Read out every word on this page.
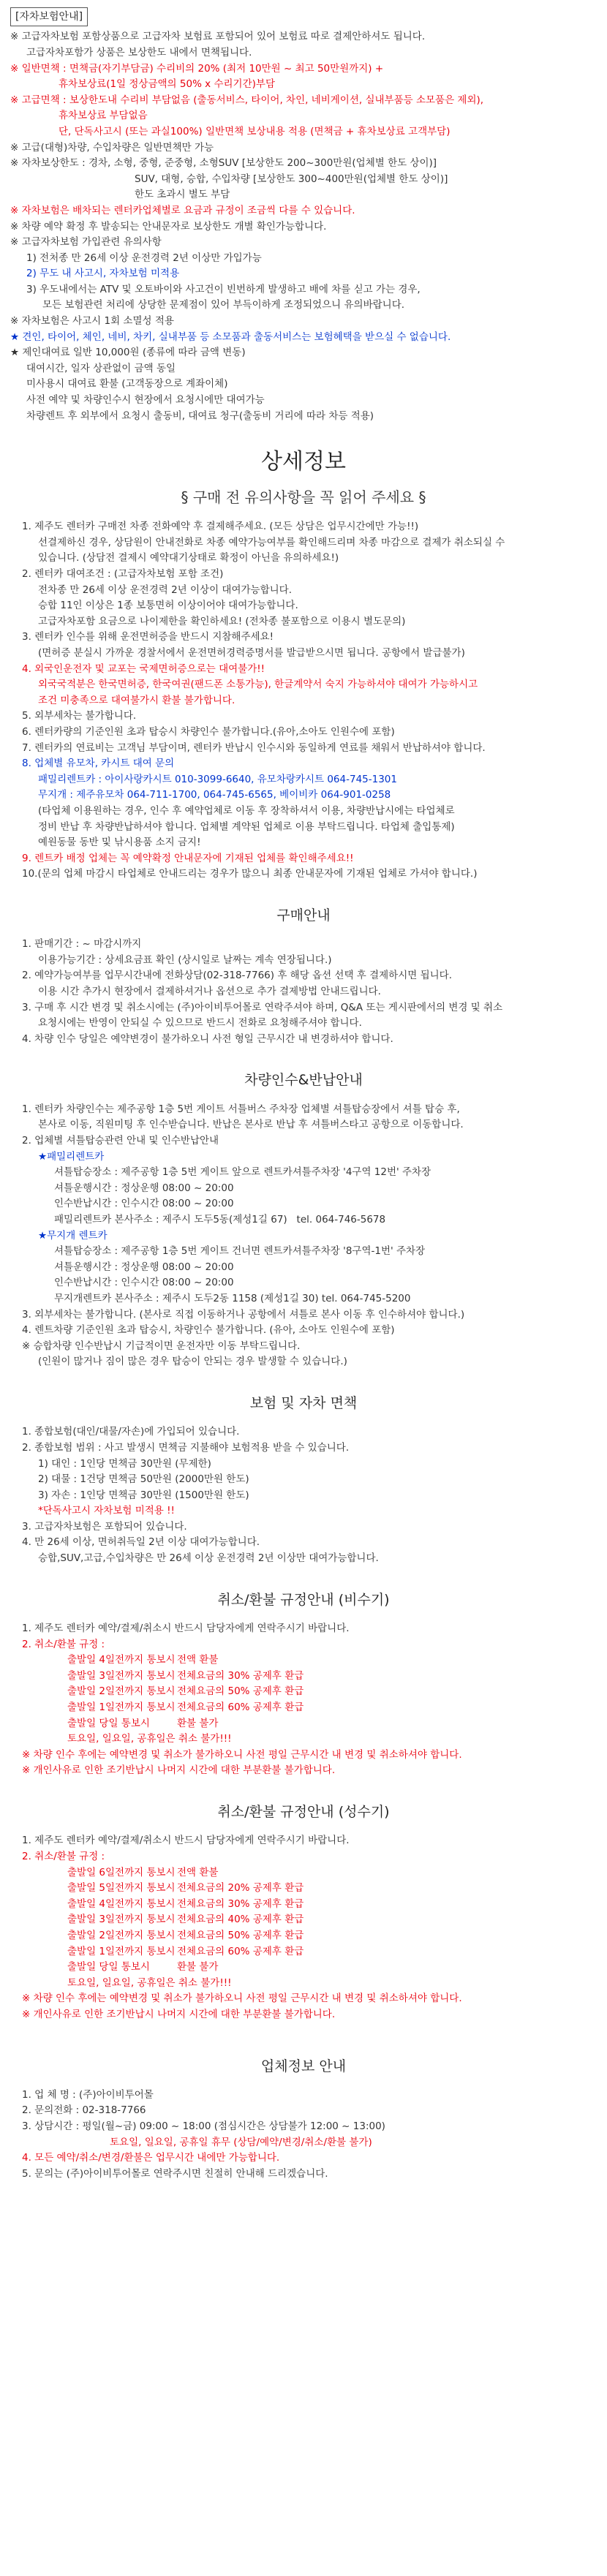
[자차보험안내]
※ 고급자차보험 포함상품으로 고급자차 보험료 포함되어 있어 보험료 따로 결제안하셔도 됩니다.
고급자차포함가 상품은 보상한도 내에서 면책됩니다.
※ 일반면책 : 면책금(자기부담금) 수리비의 20% (최저 10만원 ~ 최고 50만원까지) +
휴차보상료(1일 정상금액의 50% x 수리기간)부담
※ 고급면책 : 보상한도내 수리비 부담없음 (출동서비스, 타이어, 차인, 네비게이션, 실내부품등 소모품은 제외),
휴차보상료 부담없음
단, 단독사고시 (또는 과실100%) 일반면책 보상내용 적용 (면책금 + 휴차보상료 고객부담)
※ 고급(대형)차량, 수입차량은 일반면책만 가능
※ 자차보상한도 : 경차, 소형, 중형, 준중형, 소형SUV [보상한도 200~300만원(업체별 한도 상이)]
SUV, 대형, 승합, 수입차량 [보상한도 300~400만원(업체별 한도 상이)]
한도 초과시 별도 부담
※ 자차보험은 배차되는 렌터카업체별로 요금과 규정이 조금씩 다를 수 있습니다.
※ 차량 예약 확정 후 발송되는 안내문자로 보상한도 개별 확인가능합니다.
※ 고급자차보험 가입관련 유의사항
1) 전처종 만 26세 이상 운전경력 2년 이상만 가입가능
2) 무도 내 사고시, 자차보험 미적용
3) 우도내에서는 ATV 및 오토바이와 사고건이 빈번하게 발생하고 배에 차를 싣고 가는 경우,
모든 보험관련 처리에 상당한 문제점이 있어 부득이하게 조정되었으니 유의바랍니다.
※ 자차보험은 사고시 1회 소멸성 적용
★ 견인, 타이어, 체인, 네비, 차키, 실내부품 등 소모품과 출동서비스는 보험혜택을 받으실 수 없습니다.
★ 제인대여료 일반 10,000원 (종류에 따라 금액 변동)
대여시간, 일자 상관없이 금액 동일
미사용시 대여료 환불 (고객동장으로 계좌이체)
사전 예약 및 차량인수시 현장에서 요청시에만 대여가능
차량렌트 후 외부에서 요청시 출동비, 대여료 청구(출동비 거리에 따라 차등 적용)
상세정보
§ 구매 전 유의사항을 꼭 읽어 주세요 §
1. 제주도 렌터카 구매전 차종 전화예약 후 결제해주세요. (모든 상담은 업무시간에만 가능!!)
선결제하신 경우, 상담원이 안내전화로 차종 예약가능여부를 확인해드리며 차종 마감으로 결제가 취소되실 수
있습니다. (상담전 결제시 예약대기상태로 확정이 아닌을 유의하세요!)
2. 렌터카 대여조건 : (고급자차보험 포함 조건)
전차종 만 26세 이상 운전경력 2년 이상이 대여가능합니다.
승합 11인 이상은 1종 보통면허 이상이어야 대여가능합니다.
고급자차포함 요금으로 나이제한을 확인하세요! (전차종 불포함으로 이용시 별도문의)
3. 렌터카 인수를 위해 운전면허증을 반드시 지참해주세요!
(면허증 분실시 가까운 경찰서에서 운전면허경력증명서를 발급받으시면 됩니다. 공항에서 발급불가)
4. 외국인운전자 및 교포는 국제면허증으로는 대여불가!!
외국국적분은 한국면허증, 한국여권(팬드폰 소통가능), 한글계약서 숙지 가능하셔야 대여가 가능하시고
조건 미충족으로 대여불가시 환불 불가합니다.
5. 외부세차는 불가합니다.
6. 렌터카량의 기준인원 초과 탑승시 차량인수 불가합니다.(유아,소아도 인원수에 포함)
7. 렌터카의 연료비는 고객님 부담이며, 렌터카 반납시 인수시와 동일하게 연료를 채워서 반납하셔야 합니다.
8. 업체별 유모차, 카시트 대여 문의
패밀리렌트카 : 아이사랑카시트 010-3099-6640, 유모차랑카시트 064-745-1301
무지개 : 제주유모차 064-711-1700, 064-745-6565, 베이비카 064-901-0258
(타업체 이용원하는 경우, 인수 후 예약업체로 이동 후 장착하셔서 이용, 차량반납시에는 타업체로
정비 반납 후 차량반납하셔야 합니다. 업체별 계약된 업체로 이용 부탁드립니다. 타업체 출입통제)
예원동물 동반 및 낚시용품 소지 금지!
9. 렌트카 배정 업체는 꼭 예약확정 안내문자에 기재된 업체를 확인해주세요!!
10.(문의 업체 마감시 타업체로 안내드리는 경우가 많으니 최종 안내문자에 기재된 업체로 가셔야 합니다.)
구매안내
1. 판매기간 : ~ 마감시까지
이용가능기간 : 상세요금표 확인 (상시일로 날짜는 계속 연장됩니다.)
2. 예약가능여부를 업무시간내에 전화상담(02-318-7766) 후 해당 옵션 선택 후 결제하시면 됩니다.
이용 시간 추가시 현장에서 결제하셔거나 옵션으로 추가 결제방법 안내드립니다.
3. 구매 후 시간 변경 및 취소시에는 (주)아이비투어몰로 연락주셔야 하며, Q&A 또는 게시판에서의 변경 및 취소
요청시에는 반영이 안되실 수 있으므로 반드시 전화로 요청해주셔야 합니다.
4. 차량 인수 당일은 예약변경이 불가하오니 사전 형일 근무시간 내 변경하셔야 합니다.
차량인수&반납안내
1. 렌터카 차량인수는 제주공항 1층 5번 게이트 서틀버스 주차장 업체별 셔틀탑승장에서 셔틀 탑승 후,
본사로 이동, 직원미팅 후 인수받습니다. 반납은 본사로 반납 후 셔틀버스타고 공항으로 이동합니다.
2. 업체별 셔틀탑승관련 안내 및 인수반납안내
★패밀리렌트카
셔틀탑승장소 : 제주공항 1층 5번 게이트 앞으로 렌트카셔틀주차장 '4구역 12번' 주차장
셔틀운행시간 : 정상운행 08:00 ~ 20:00
인수반납시간 : 인수시간 08:00 ~ 20:00
패밀리렌트카 본사주소 : 제주시 도두5동(제성1길 67)   tel. 064-746-5678
★무지개 렌트카
셔틀탑승장소 : 제주공항 1층 5번 게이트 건너면 렌트카셔틀주차장 '8구역-1번' 주차장
셔틀운행시간 : 정상운행 08:00 ~ 20:00
인수반납시간 : 인수시간 08:00 ~ 20:00
무지개렌트카 본사주소 : 제주시 도두2동 1158 (제성1길 30) tel. 064-745-5200
3. 외부세차는 불가합니다. (본사로 직접 이동하거나 공항에서 셔틀로 본사 이동 후 인수하셔야 합니다.)
4. 렌트차량 기준인원 초과 탑승시, 차량인수 불가합니다. (유아, 소아도 인원수에 포함)
※ 승합차량 인수반납시 기급적이면 운전자만 이동 부탁드립니다.
(인원이 많거나 짐이 많은 경우 탑승이 안되는 경우 발생할 수 있습니다.)
보험 및 자차 면책
1. 종합보험(대인/대물/자손)에 가입되어 있습니다.
2. 종합보험 범위 : 사고 발생시 면책금 지불해야 보험적용 받을 수 있습니다.
1) 대인 : 1인당 면책금 30만원 (무제한)
2) 대물 : 1건당 면책금 50만원 (2000만원 한도)
3) 자손 : 1인당 면책금 30만원 (1500만원 한도)
*단독사고시 자차보험 미적용 !!
3. 고급자차보험은 포함되어 있습니다.
4. 만 26세 이상, 면허취득일 2년 이상 대여가능합니다.
승합,SUV,고급,수입차량은 만 26세 이상 운전경력 2년 이상만 대여가능합니다.
취소/환불 규정안내 (비수기)
1. 제주도 렌터카 예약/결제/취소시 반드시 담당자에게 연락주시기 바랍니다.
2. 취소/환불 규정 :
출발일 4일전까지 통보시 전액 환불
출발일 3일전까지 통보시 전체요금의 30% 공제후 환급
출발일 2일전까지 통보시 전체요금의 50% 공제후 환급
출발일 1일전까지 통보시 전체요금의 60% 공제후 환급
출발일 당일 통보시	환불 불가
토요일, 일요일, 공휴일은 취소 불가!!!
※ 차량 인수 후에는 예약변경 및 취소가 불가하오니 사전 평일 근무시간 내 변경 및 취소하셔야 합니다.
※ 개인사유로 인한 조기반납시 나머지 시간에 대한 부분환불 불가합니다.
취소/환불 규정안내 (성수기)
1. 제주도 렌터카 예약/결제/취소시 반드시 담당자에게 연락주시기 바랍니다.
2. 취소/환불 규정 :
출발일 6일전까지 통보시 전액 환불
출발일 5일전까지 통보시 전체요금의 20% 공제후 환급
출발일 4일전까지 통보시 전체요금의 30% 공제후 환급
출발일 3일전까지 통보시 전체요금의 40% 공제후 환급
출발일 2일전까지 통보시 전체요금의 50% 공제후 환급
출발일 1일전까지 통보시 전체요금의 60% 공제후 환급
출발일 당일 통보시	환불 불가
토요일, 일요일, 공휴일은 취소 불가!!!
※ 차량 인수 후에는 예약변경 및 취소가 불가하오니 사전 평일 근무시간 내 변경 및 취소하셔야 합니다.
※ 개인사유로 인한 조기반납시 나머지 시간에 대한 부분환불 불가합니다.
업체정보 안내
1. 업 체 명 : (주)아이비투어몰
2. 문의전화 : 02-318-7766
3. 상담시간 : 평일(월~금) 09:00 ~ 18:00 (점심시간은 상담불가 12:00 ~ 13:00)
토요일, 일요일, 공휴일 휴무 (상담/예약/변경/취소/환불 불가)
4. 모든 예약/취소/변경/환불은 업무시간 내에만 가능합니다.
5. 문의는 (주)아이비투어몰로 연락주시면 친절히 안내해 드리겠습니다.
